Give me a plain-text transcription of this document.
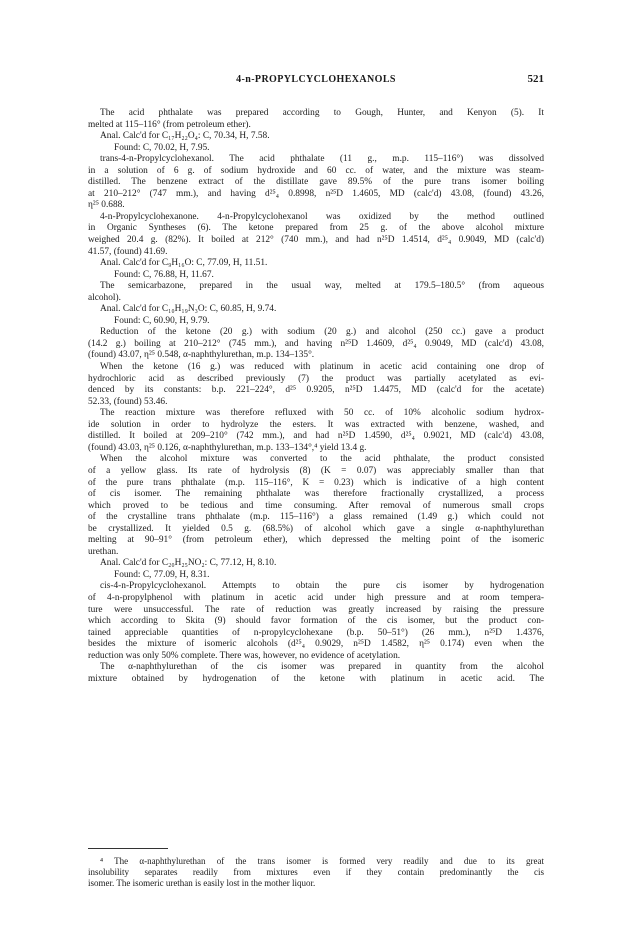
4-n-PROPYLCYCLOHEXANOLS	521
The acid phthalate was prepared according to Gough, Hunter, and Kenyon (5). It
melted at 115–116° (from petroleum ether).
Anal. Calc'd for C₁₇H₂₂O₄: C, 70.34, H, 7.58.
Found: C, 70.02, H, 7.95.
trans-4-n-Propylcyclohexanol. The acid phthalate (11 g., m.p. 115–116°) was dissolved
in a solution of 6 g. of sodium hydroxide and 60 cc. of water, and the mixture was steam-
distilled. The benzene extract of the distillate gave 89.5% of the pure trans isomer boiling
at 210–212° (747 mm.), and having d²⁵₄ 0.8998, n²⁵D 1.4605, MD (calc'd) 43.08, (found) 43.26,
η²⁵ 0.688.
4-n-Propylcyclohexanone. 4-n-Propylcyclohexanol was oxidized by the method outlined
in Organic Syntheses (6). The ketone prepared from 25 g. of the above alcohol mixture
weighed 20.4 g. (82%). It boiled at 212° (740 mm.), and had n²⁵D 1.4514, d²⁵₄ 0.9049, MD (calc'd)
41.57, (found) 41.69.
Anal. Calc'd for C₉H₁₆O: C, 77.09, H, 11.51.
Found: C, 76.88, H, 11.67.
The semicarbazone, prepared in the usual way, melted at 179.5–180.5° (from aqueous
alcohol).
Anal. Calc'd for C₁₀H₁₉N₃O: C, 60.85, H, 9.74.
Found: C, 60.90, H, 9.79.
Reduction of the ketone (20 g.) with sodium (20 g.) and alcohol (250 cc.) gave a product
(14.2 g.) boiling at 210–212° (745 mm.), and having n²⁵D 1.4609, d²⁵₄ 0.9049, MD (calc'd) 43.08,
(found) 43.07, η²⁵ 0.548, α-naphthylurethan, m.p. 134–135°.
When the ketone (16 g.) was reduced with platinum in acetic acid containing one drop of
hydrochloric acid as described previously (7) the product was partially acetylated as evi-
denced by its constants: b.p. 221–224°, d²⁵ 0.9205, n²⁵D 1.4475, MD (calc'd for the acetate)
52.33, (found) 53.46.
The reaction mixture was therefore refluxed with 50 cc. of 10% alcoholic sodium hydrox-
ide solution in order to hydrolyze the esters. It was extracted with benzene, washed, and
distilled. It boiled at 209–210° (742 mm.), and had n²⁵D 1.4590, d²⁵₄ 0.9021, MD (calc'd) 43.08,
(found) 43.03, η²⁵ 0.126, α-naphthylurethan, m.p. 133–134°,⁴ yield 13.4 g.
When the alcohol mixture was converted to the acid phthalate, the product consisted
of a yellow glass. Its rate of hydrolysis (8) (K = 0.07) was appreciably smaller than that
of the pure trans phthalate (m.p. 115–116°, K = 0.23) which is indicative of a high content
of cis isomer. The remaining phthalate was therefore fractionally crystallized, a process
which proved to be tedious and time consuming. After removal of numerous small crops
of the crystalline trans phthalate (m.p. 115–116°) a glass remained (1.49 g.) which could not
be crystallized. It yielded 0.5 g. (68.5%) of alcohol which gave a single α-naphthylurethan
melting at 90–91° (from petroleum ether), which depressed the melting point of the isomeric
urethan.
Anal. Calc'd for C₂₀H₂₅NO₂: C, 77.12, H, 8.10.
Found: C, 77.09, H, 8.31.
cis-4-n-Propylcyclohexanol. Attempts to obtain the pure cis isomer by hydrogenation
of 4-n-propylphenol with platinum in acetic acid under high pressure and at room tempera-
ture were unsuccessful. The rate of reduction was greatly increased by raising the pressure
which according to Skita (9) should favor formation of the cis isomer, but the product con-
tained appreciable quantities of n-propylcyclohexane (b.p. 50–51°) (26 mm.), n²⁵D 1.4376,
besides the mixture of isomeric alcohols (d²⁵₄ 0.9029, n²⁵D 1.4582, η²⁵ 0.174) even when the
reduction was only 50% complete. There was, however, no evidence of acetylation.
The α-naphthylurethan of the cis isomer was prepared in quantity from the alcohol
mixture obtained by hydrogenation of the ketone with platinum in acetic acid. The
⁴ The α-naphthylurethan of the trans isomer is formed very readily and due to its great
insolubility separates readily from mixtures even if they contain predominantly the cis
isomer. The isomeric urethan is easily lost in the mother liquor.
